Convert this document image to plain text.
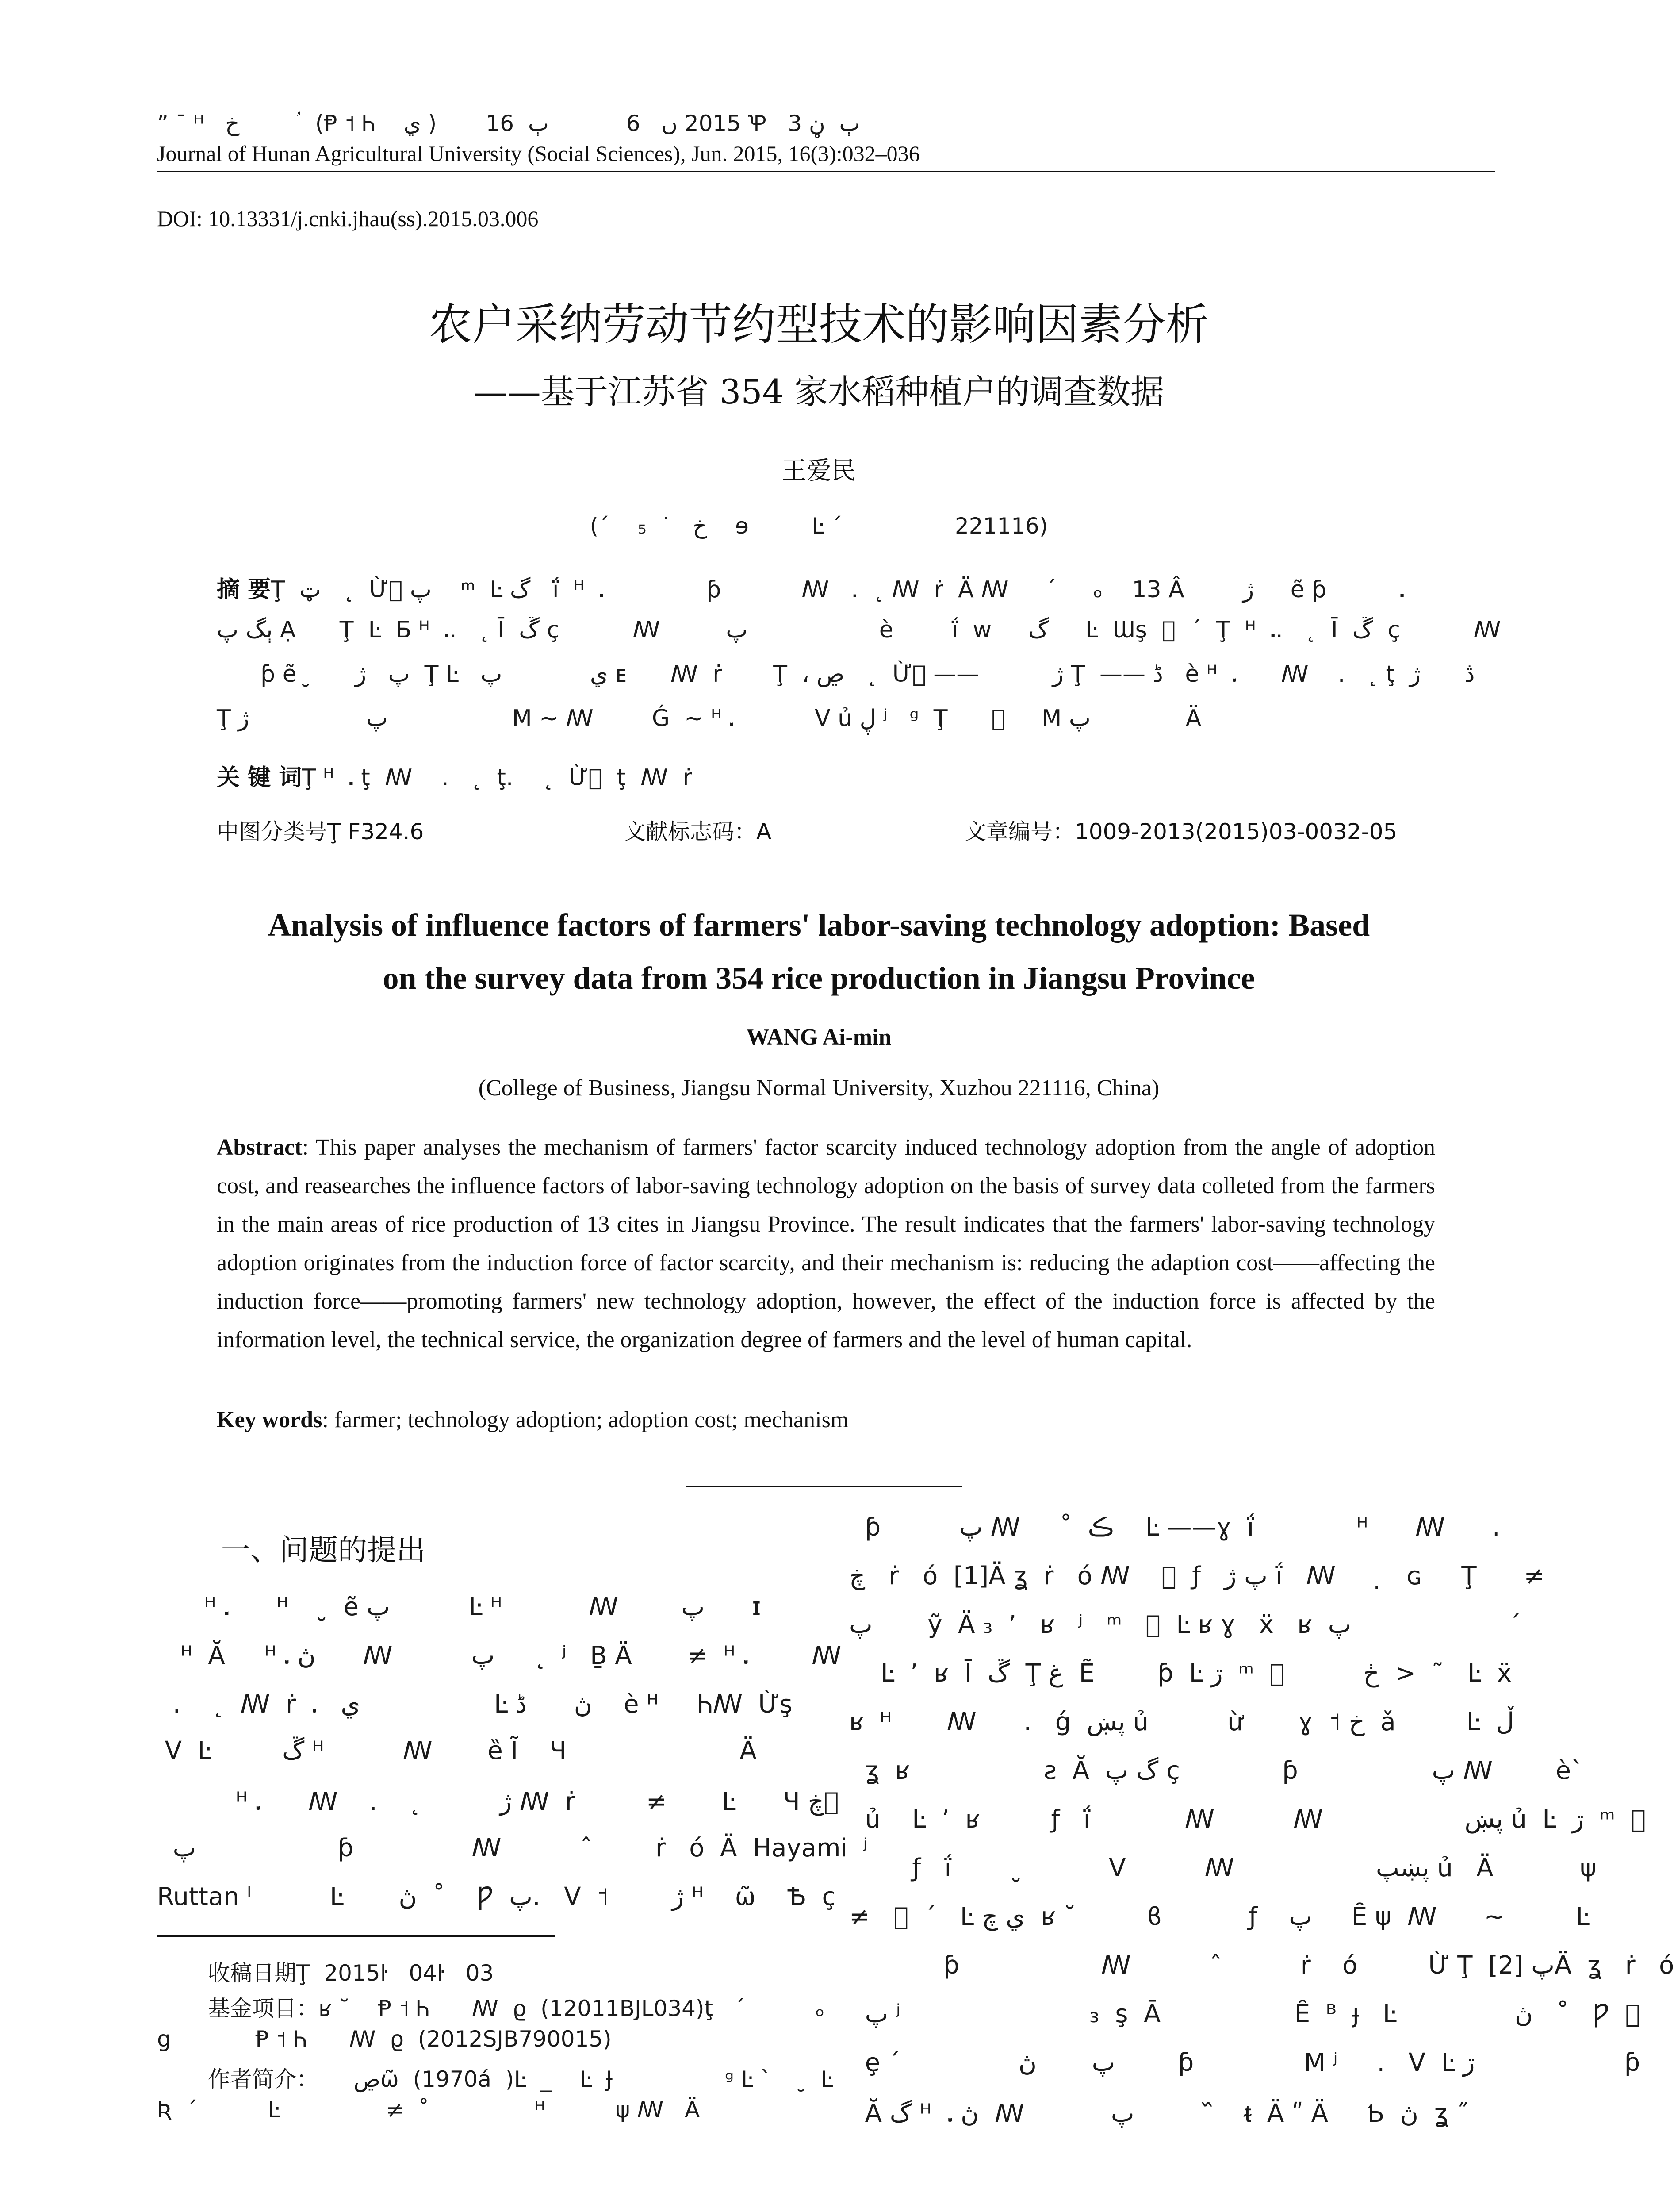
” ¯ ᴴ   خ         ؙ  (Ᵽ ˦ Ꮒ    ي )       2015 ں   6           ٻ  16 Ꝕ   ٻ  ڼ 3
Journal of Hunan Agricultural University (Social Sciences), Jun. 2015, 16(3):032–036
DOI: 10.13331/j.cnki.jhau(ss).2015.03.006
农户采纳劳动节约型技术的影响因素分析
——基于江苏省 354 家水稻种植户的调查数据
王爱民
(´    ₅  ˙   خ    ɘ         Ŀ ´                221116)
摘 要Ţ  ټ   ˛  Ừ⃞ پ    ᵐ  Ŀ گ   ḯ  ᴴ  ᎐              ƥ           ꟿ   .  ˛ ꟿ  ṙ  Ä ꟿ     ´     ₒ    13 Â        ژ     ẽ ƥ          ᎐
ٻگ پ Ạ      Ţ  Ŀ  Ƃ ᴴ  ᎐.   ˛ Ī  ڱ ç          ꟿ         پ                  è        ḯ  w     گ     Ŀ  Ɯş  ⃞  ´  Ţ  ᴴ  ᎐.   ˛  Ī  ڱ  ç          ꟿ
ƥ ẽ  ̮      پ   ژ  Ţ Ŀ   ي            پ ᴇ      ꟿ  ṙ       Ţ  ، ڝ   ˛  Ừ⃞ ——          ژ Ţ  —— ڈ   è ᴴ  ᎐      ꟿ    .   ˛ ţ  ڎ      ژ
Ţ پ                ژ                 M ~ ꟿ        Ǵ  ~ ᴴ ᎐           ᐯ ủ ڸ ʲ   ᵍ  Ţ      ⃞     M پ             Ä
关 键 词Ţ ᴴ  ᎐ ţ  ꟿ    .   ˛  ţ.    ˛  Ừ⃞  ţ  ꟿ  ṙ
中图分类号Ţ F324.6	文献标志码：A	文章编号：1009-2013(2015)03-0032-05
Analysis of influence factors of farmers' labor-saving technology adoption: Based
on the survey data from 354 rice production in Jiangsu Province
WANG Ai-min
(College of Business, Jiangsu Normal University, Xuzhou 221116, China)
Abstract: This paper analyses the mechanism of farmers' factor scarcity induced technology adoption from the angle of adoption cost, and reasearches the influence factors of labor-saving technology adoption on the basis of survey data colleted from the farmers in the main areas of rice production of 13 cites in Jiangsu Province. The result indicates that the farmers' labor-saving technology adoption originates from the induction force of factor scarcity, and their mechanism is: reducing the adaption cost——affecting the induction force——promoting farmers' new technology adoption, however, the effect of the induction force is affected by the information level, the technical service, the organization degree of farmers and the level of human capital.
Key words: farmer; technology adoption; adoption cost; mechanism
一、问题的提出
ᴴ ᎐      ᴴ     ̮  ẽ پ          Ŀ ᴴ           ꟿ        پ      ɪ
ᴴ  Ă     ᴴ ᎐ ڽ      ꟿ          پ     ˛  ʲ   Ḇ Ä       ≠  ᴴ ᎐        ꟿ
.    ˛  ꟿ  ṙ  ᎐   ي                 Ŀ ڽ      ڈ    è ᴴ     Ꮒꟿ  Ừş
ᐯ  Ŀ         ڱ ᴴ          ꟿ       ȅ Ĩ    Ɥ                      Ä
ᴴ ᎐      ꟿ    .    ˛          ژ ꟿ  ṙ         ≠       Ŀ      Ɥ ڿ ⃞
پ                  ƥ               ꟿ          ˆ        ṙ   ó  Ä  Hayami  ʲ
Ruttan ˡ          Ŀ       ڽ  ˚    Ƿ  پ.   ᐯ  ˦        ژ ᴴ    ῶ    Ѣ  ç
收稿日期Ţ  2015ŀ   04ŀ   03
基金项目：ʁ ˘    Ᵽ ˦ Ꮒ      ꟿ  ϱ  (12011BJL034)ţ   ´          ₒ
ց            Ᵽ ˦ Ꮒ      ꟿ  ϱ  (2012SJB790015)
作者简介：     ڝῶ  (1970á  )Ŀ  _    Ŀ  Ɉ                ᵍ Ŀ `     ̮  Ŀ
Ʀ  ´          Ŀ               ≠  ˚               ᴴ          ψ ꟿ   Ä
ƥ          پ ꟿ     ˚  ڪ    Ŀ ——ɣ  ḯ             ᴴ      ꟿ      .
ڿ   ṙ   ó  [1]Ä ʓ  ṙ   ó ꟿ    ⃞  ƒ   پ ژ ḯ   ꟿ      ̣   ɢ     Ţ      ≠
پ       ỹ  Ä ₃  ’   ʁ   ʲ   ᵐ   ⃞  Ŀ ʁ ɣ   ẍ   ʁ  پ                    ´
Ŀ  ’  ʁ  Ī  ڱ  Ţ غ  Ẽ        ƥ  Ŀ ڗ  ᵐ  ⃞          ڂ  >  ˜   Ŀ  ẍ
ʁ  ᴴ       ꟿ      .   ǵ  پښ ủ          ừ       ɣ  ˦ خ  ǎ         Ŀ  ڵ
ʓ  ʁ                 ƨ  Ă  گ پ ç             ƥ                 پ ꟿ        è`
ủ    Ŀ  ’  ʁ         ƒ   ḯ            ꟿ          ꟿ                  پښ ủ  Ŀ  ڗ  ᵐ  ⃞
ƒ   ḯ         ̮           ᐯ          ꟿ                  پښپ ủ   Ä           ψ
≠   ⃞  ´   Ŀ ي چ  ʁ ˘         ϐ           ƒ    پ     Ȇ ψ  ꟿ      ~         Ŀ
ƥ                  ꟿ          ˆ          ṙ    ó         Ừ Ţ  پ [2]Ä  ʓ   ṙ   ó
پ ʲ                        ₃  ş  Ā                 Ȇ  ᴮ  ɟ   Ŀ               ڽ   ˚   Ƿ  ⃞
ȩ ´               پ       ڽ        ƥ              M ʲ     .   ᐯ  Ŀ ڗ                   ƥ
Ă گ ᴴ  ᎐ ڽ  ꟿ           پ           ᷈   ᵵ  Ä ʺ Ä     Ƅ  ڽ  ʓ ˝
